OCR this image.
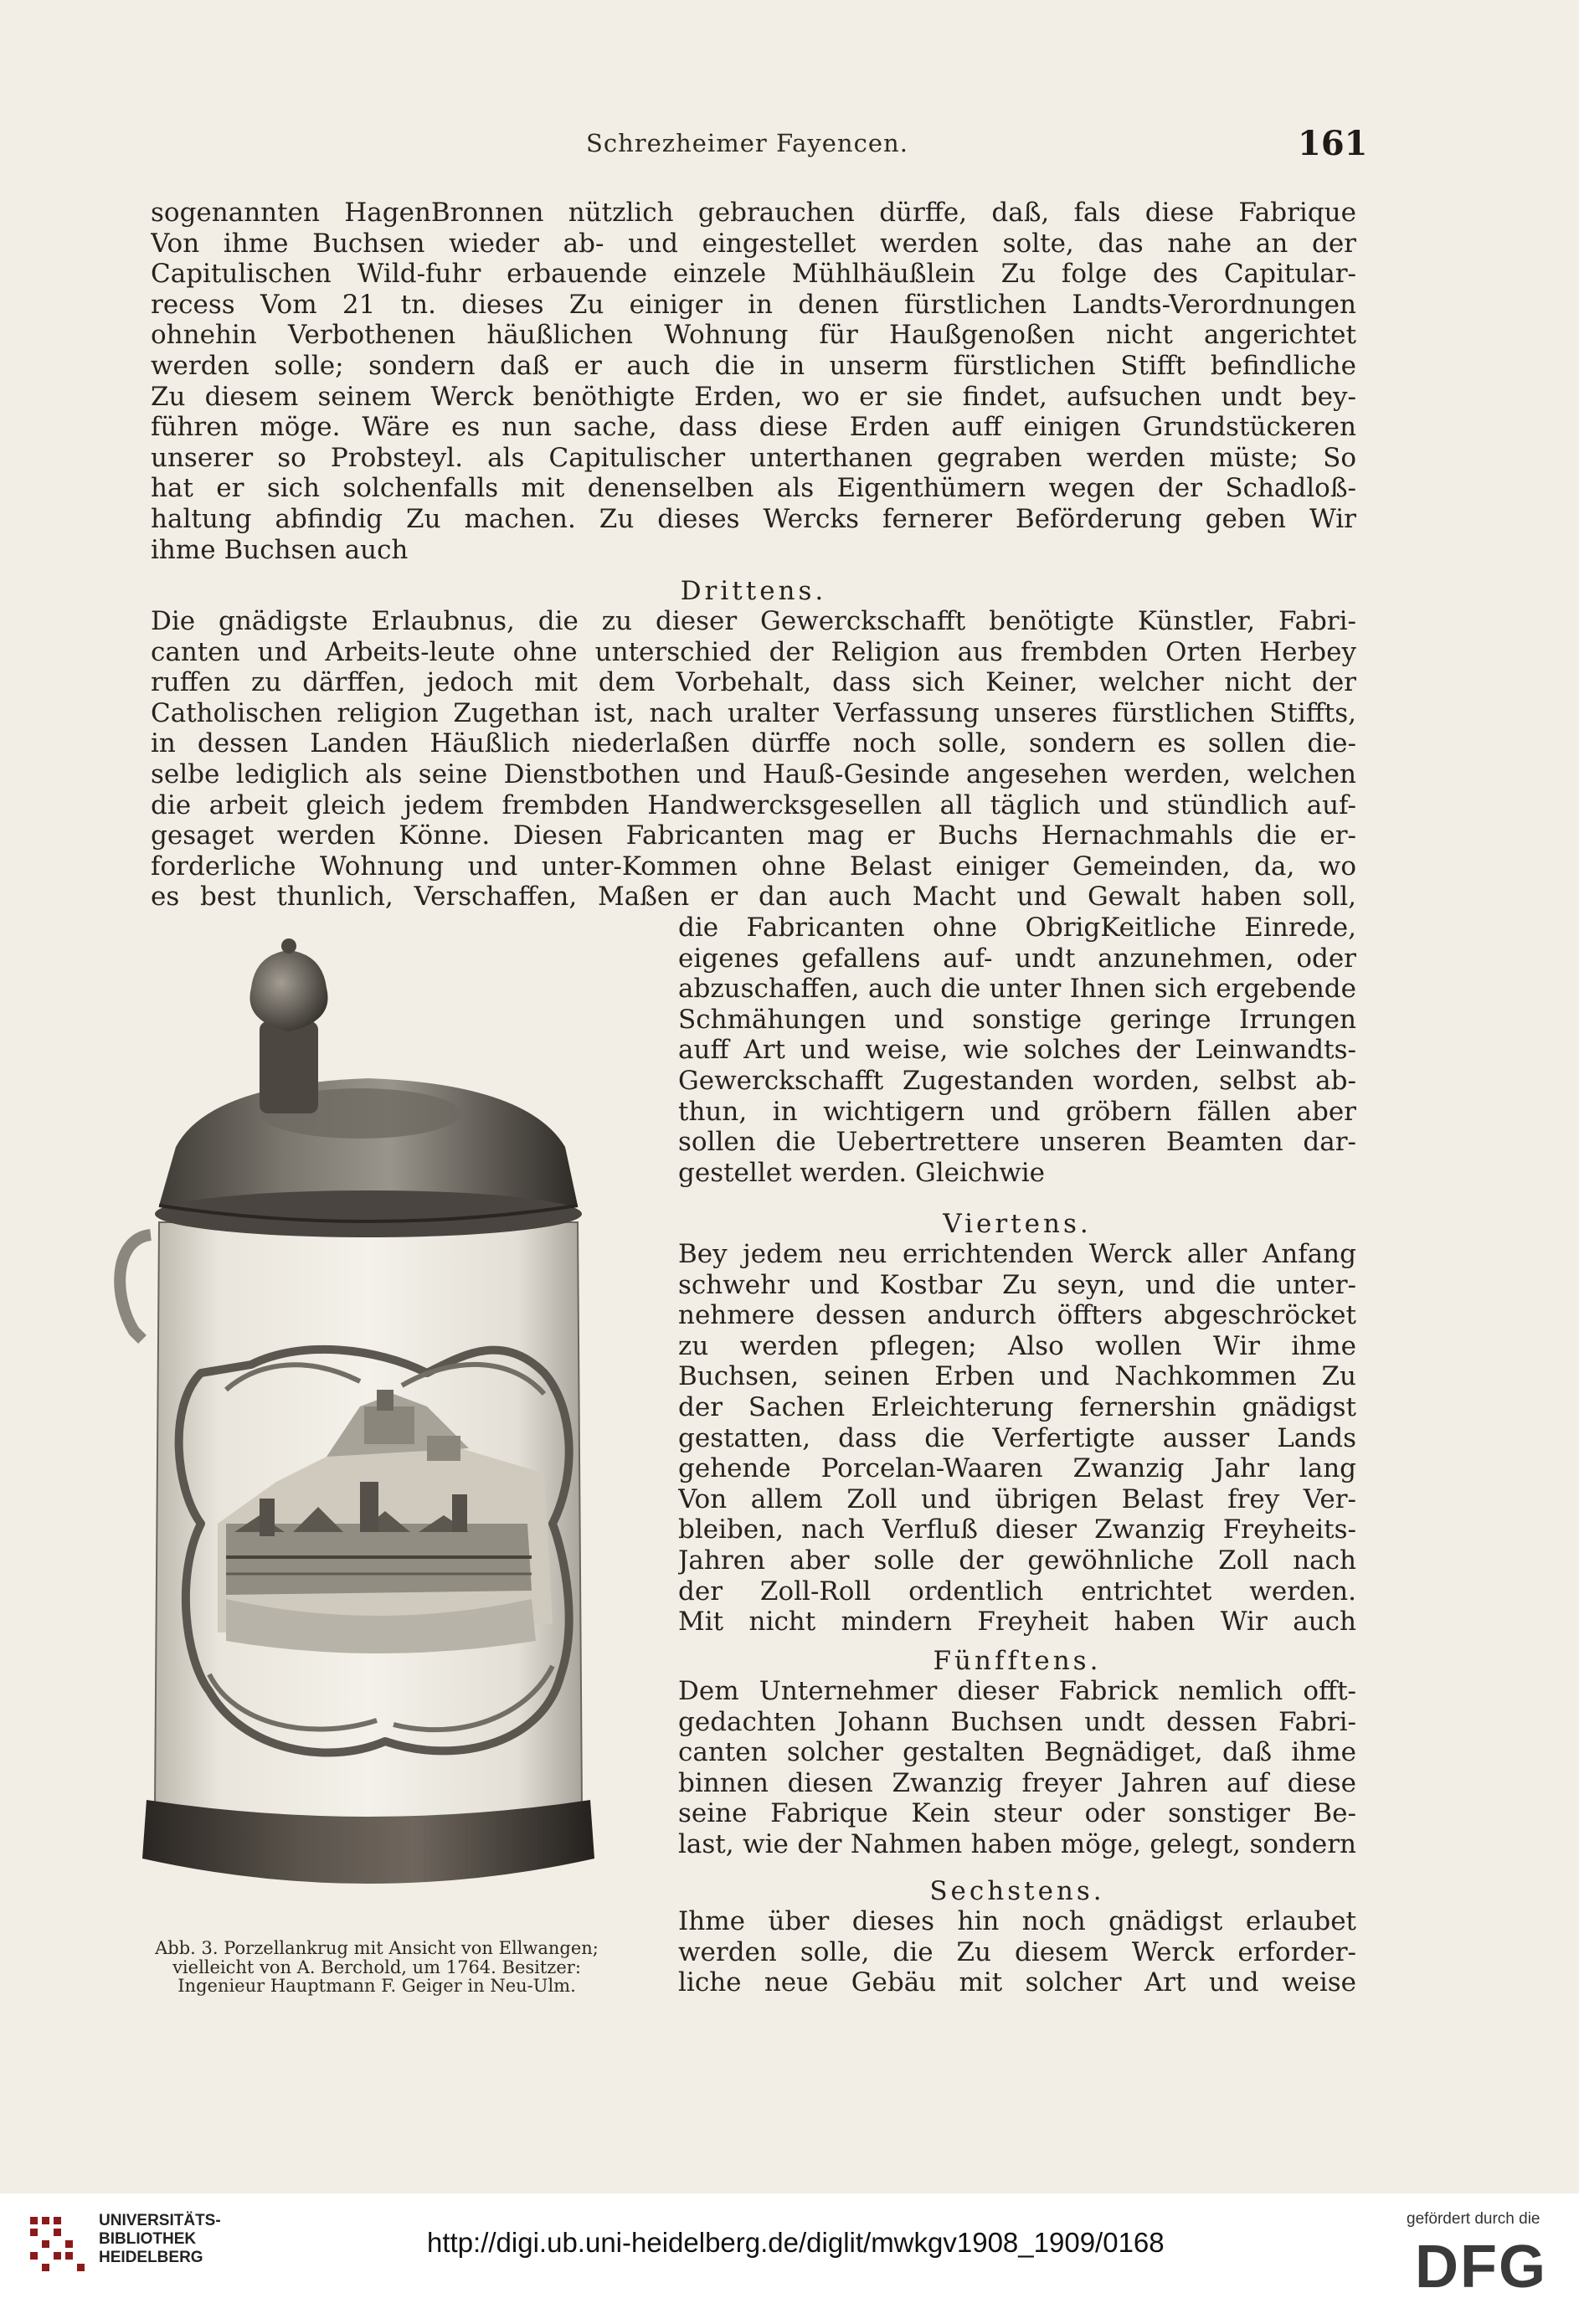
Schrezheimer Fayencen.	161

sogenannten HagenBronnen nützlich gebrauchen dürffe, daß, fals diese Fabrique
Von ihme Buchsen wieder ab- und eingestellet werden solte, das nahe an der
Capitulischen Wild-fuhr erbauende einzele Mühlhäußlein Zu folge des Capitular-
recess Vom 21 tn. dieses Zu einiger in denen fürstlichen Landts-Verordnungen
ohnehin Verbothenen häußlichen Wohnung für Haußgenoßen nicht angerichtet
werden solle; sondern daß er auch die in unserm fürstlichen Stifft befindliche
Zu diesem seinem Werck benöthigte Erden, wo er sie findet, aufsuchen undt bey-
führen möge. Wäre es nun sache, dass diese Erden auff einigen Grundstückeren
unserer so Probsteyl. als Capitulischer unterthanen gegraben werden müste; So
hat er sich solchenfalls mit denenselben als Eigenthümern wegen der Schadloß-
haltung abfindig Zu machen. Zu dieses Wercks fernerer Beförderung geben Wir
ihme Buchsen auch

Drittens.

Die gnädigste Erlaubnus, die zu dieser Gewerckschafft benötigte Künstler, Fabri-
canten und Arbeits-leute ohne unterschied der Religion aus frembden Orten Herbey
ruffen zu därffen, jedoch mit dem Vorbehalt, dass sich Keiner, welcher nicht der
Catholischen religion Zugethan ist, nach uralter Verfassung unseres fürstlichen Stiffts,
in dessen Landen Häußlich niederlaßen dürffe noch solle, sondern es sollen die-
selbe lediglich als seine Dienstbothen und Hauß-Gesinde angesehen werden, welchen
die arbeit gleich jedem frembden Handwercksgesellen all täglich und stündlich auf-
gesaget werden Könne. Diesen Fabricanten mag er Buchs Hernachmahls die er-
forderliche Wohnung und unter-Kommen ohne Belast einiger Gemeinden, da, wo
es best thunlich, Verschaffen, Maßen er dan auch Macht und Gewalt haben soll,

die Fabricanten ohne ObrigKeitliche Einrede,
eigenes gefallens auf- undt anzunehmen, oder
abzuschaffen, auch die unter Ihnen sich ergebende
Schmähungen und sonstige geringe Irrungen
auff Art und weise, wie solches der Leinwandts-
Gewerckschafft Zugestanden worden, selbst ab-
thun, in wichtigern und gröbern fällen aber
sollen die Uebertrettere unseren Beamten dar-
gestellet werden. Gleichwie

Viertens.

Bey jedem neu errichtenden Werck aller Anfang
schwehr und Kostbar Zu seyn, und die unter-
nehmere dessen andurch öffters abgeschröcket
zu werden pflegen; Also wollen Wir ihme
Buchsen, seinen Erben und Nachkommen Zu
der Sachen Erleichterung fernershin gnädigst
gestatten, dass die Verfertigte ausser Lands
gehende Porcelan-Waaren Zwanzig Jahr lang
Von allem Zoll und übrigen Belast frey Ver-
bleiben, nach Verfluß dieser Zwanzig Freyheits-
Jahren aber solle der gewöhnliche Zoll nach
der Zoll-Roll ordentlich entrichtet werden.
Mit nicht mindern Freyheit haben Wir auch

Fünfftens.

Dem Unternehmer dieser Fabrick nemlich offt-
gedachten Johann Buchsen undt dessen Fabri-
canten solcher gestalten Begnädiget, daß ihme
binnen diesen Zwanzig freyer Jahren auf diese
seine Fabrique Kein steur oder sonstiger Be-
last, wie der Nahmen haben möge, gelegt, sondern

Sechstens.

Ihme über dieses hin noch gnädigst erlaubet
werden solle, die Zu diesem Werck erforder-
liche neue Gebäu mit solcher Art und weise

Abb. 3. Porzellankrug mit Ansicht von Ellwangen;
vielleicht von A. Berchold, um 1764. Besitzer:
Ingenieur Hauptmann F. Geiger in Neu-Ulm.

UNIVERSITÄTS-
BIBLIOTHEK
HEIDELBERG	http://digi.ub.uni-heidelberg.de/diglit/mwkgv1908_1909/0168
gefördert durch die
DFG
